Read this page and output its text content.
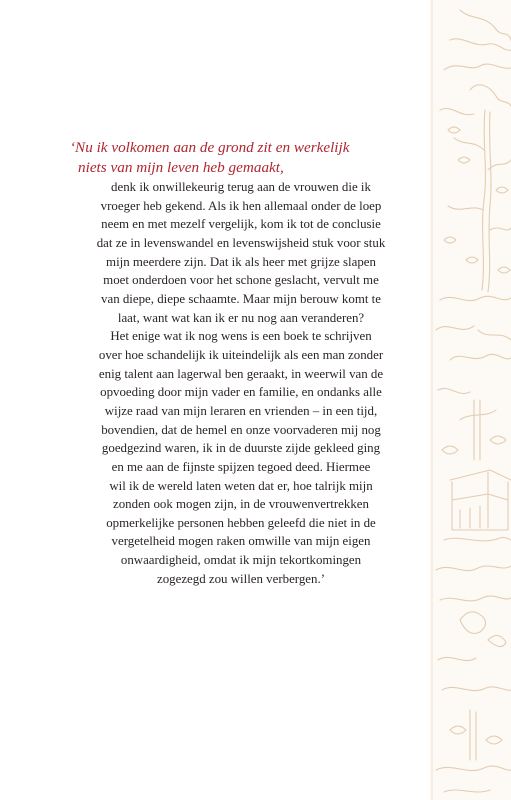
‘Nu ik volkomen aan de grond zit en werkelijk
niets van mijn leven heb gemaakt,

denk ik onwillekeurig terug aan de vrouwen die ik
vroeger heb gekend. Als ik hen allemaal onder de loep
neem en met mezelf vergelijk, kom ik tot de conclusie
dat ze in levenswandel en levenswijsheid stuk voor stuk
mijn meerdere zijn. Dat ik als heer met grijze slapen
moet onderdoen voor het schone geslacht, vervult me
van diepe, diepe schaamte. Maar mijn berouw komt te
laat, want wat kan ik er nu nog aan veranderen?
Het enige wat ik nog wens is een boek te schrijven
over hoe schandelijk ik uiteindelijk als een man zonder
enig talent aan lagerwal ben geraakt, in weerwil van de
opvoeding door mijn vader en familie, en ondanks alle
wijze raad van mijn leraren en vrienden – in een tijd,
bovendien, dat de hemel en onze voorvaderen mij nog
goedgezind waren, ik in de duurste zijde gekleed ging
en me aan de fijnste spijzen tegoed deed. Hiermee
wil ik de wereld laten weten dat er, hoe talrijk mijn
zonden ook mogen zijn, in de vrouwenvertrekken
opmerkelijke personen hebben geleefd die niet in de
vergetelheid mogen raken omwille van mijn eigen
onwaardigheid, omdat ik mijn tekortkomingen
zogezegd zou willen verbergen.’
